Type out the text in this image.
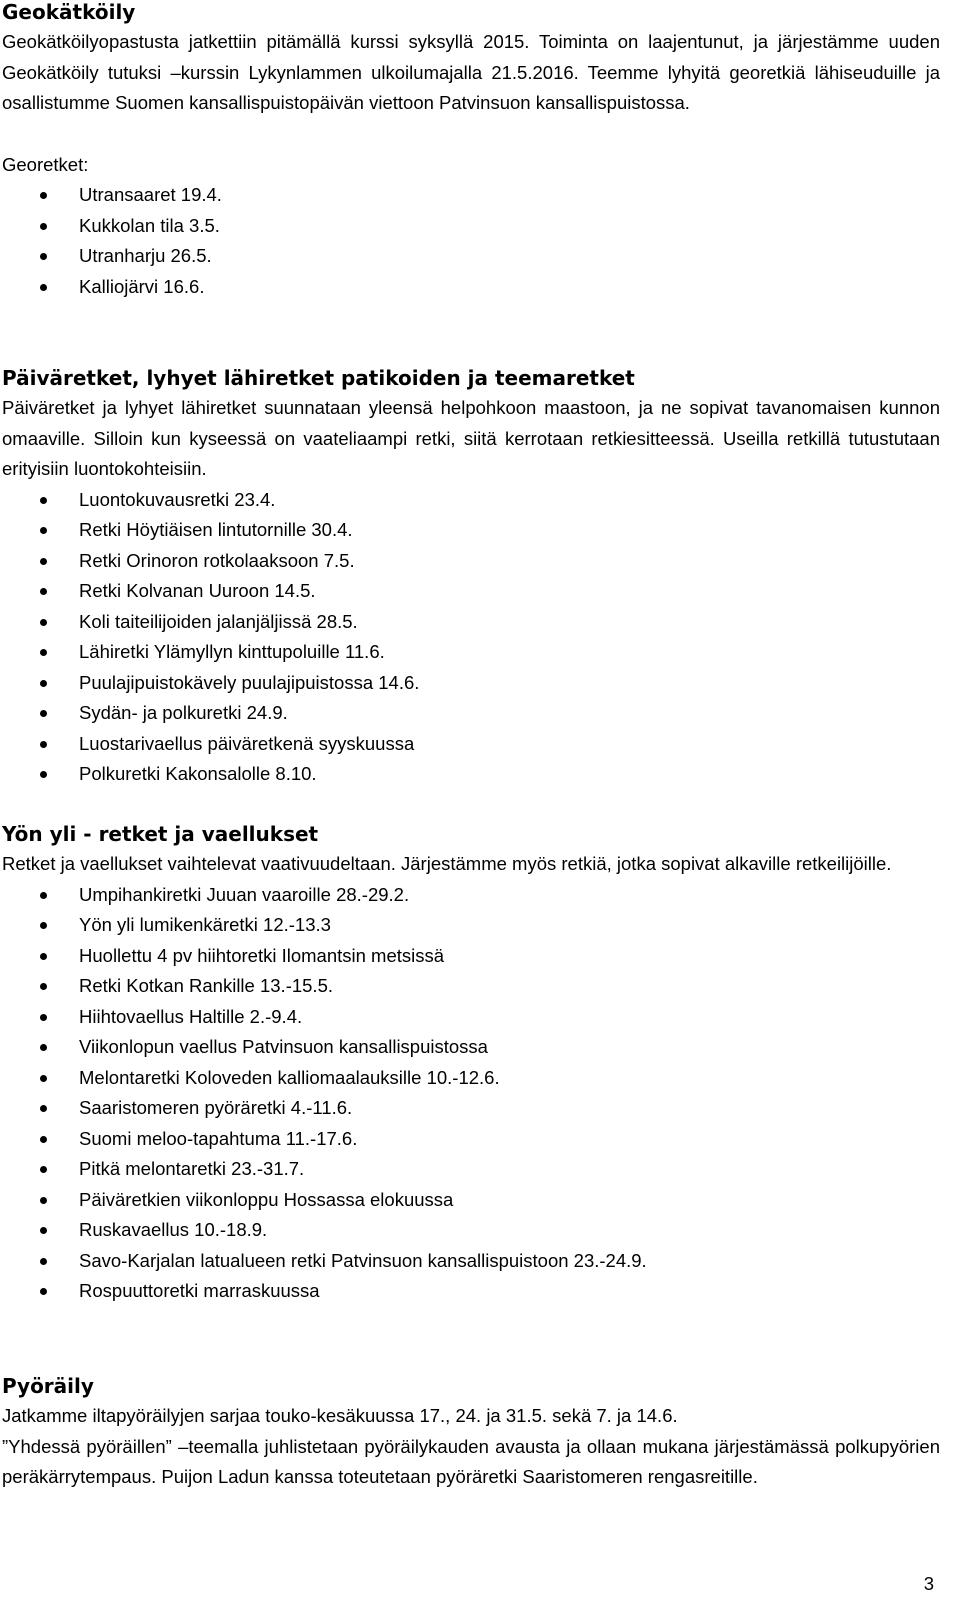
Geokätköily

Geokätköilyopastusta jatkettiin pitämällä kurssi syksyllä 2015. Toiminta on laajentunut, ja järjestämme uuden Geokätköily tutuksi –kurssin Lykynlammen ulkoilumajalla 21.5.2016. Teemme lyhyitä georetkiä lähiseuduille ja osallistumme Suomen kansallispuistopäivän viettoon Patvinsuon kansallispuistossa.

Georetket:
Utransaaret 19.4.
Kukkolan tila 3.5.
Utranharju 26.5.
Kalliojärvi 16.6.
Päiväretket, lyhyet lähiretket patikoiden ja teemaretket

Päiväretket ja lyhyet lähiretket suunnataan yleensä helpohkoon maastoon, ja ne sopivat tavanomaisen kunnon omaaville. Silloin kun kyseessä on vaateliaampi retki, siitä kerrotaan retkiesitteessä. Useilla retkillä tutustutaan erityisiin luontokohteisiin.

Luontokuvausretki 23.4.
Retki Höytiäisen lintutornille 30.4.
Retki Orinoron rotkolaaksoon 7.5.
Retki Kolvanan Uuroon 14.5.
Koli taiteilijoiden jalanjäljissä 28.5.
Lähiretki Ylämyllyn kinttupoluille 11.6.
Puulajipuistokävely puulajipuistossa 14.6.
Sydän- ja polkuretki 24.9.
Luostarivaellus päiväretkenä syyskuussa
Polkuretki Kakonsalolle 8.10.
Yön yli - retket ja vaellukset

Retket ja vaellukset vaihtelevat vaativuudeltaan. Järjestämme myös retkiä, jotka sopivat alkaville retkeilijöille.

Umpihankiretki Juuan vaaroille 28.-29.2.
Yön yli lumikenkäretki 12.-13.3
Huollettu 4 pv hiihtoretki Ilomantsin metsissä
Retki Kotkan Rankille 13.-15.5.
Hiihtovaellus Haltille 2.-9.4.
Viikonlopun vaellus Patvinsuon kansallispuistossa
Melontaretki Koloveden kalliomaalauksille 10.-12.6.
Saaristomeren pyöräretki 4.-11.6.
Suomi meloo-tapahtuma 11.-17.6.
Pitkä melontaretki 23.-31.7.
Päiväretkien viikonloppu Hossassa elokuussa
Ruskavaellus 10.-18.9.
Savo-Karjalan latualueen retki Patvinsuon kansallispuistoon 23.-24.9.
Rospuuttoretki marraskuussa
Pyöräily

Jatkamme iltapyöräilyjen sarjaa touko-kesäkuussa 17., 24. ja 31.5. sekä 7. ja 14.6.

”Yhdessä pyöräillen” –teemalla juhlistetaan pyöräilykauden avausta ja ollaan mukana järjestämässä polkupyörien peräkärrytempaus. Puijon Ladun kanssa toteutetaan pyöräretki Saaristomeren rengasreitille.

3
